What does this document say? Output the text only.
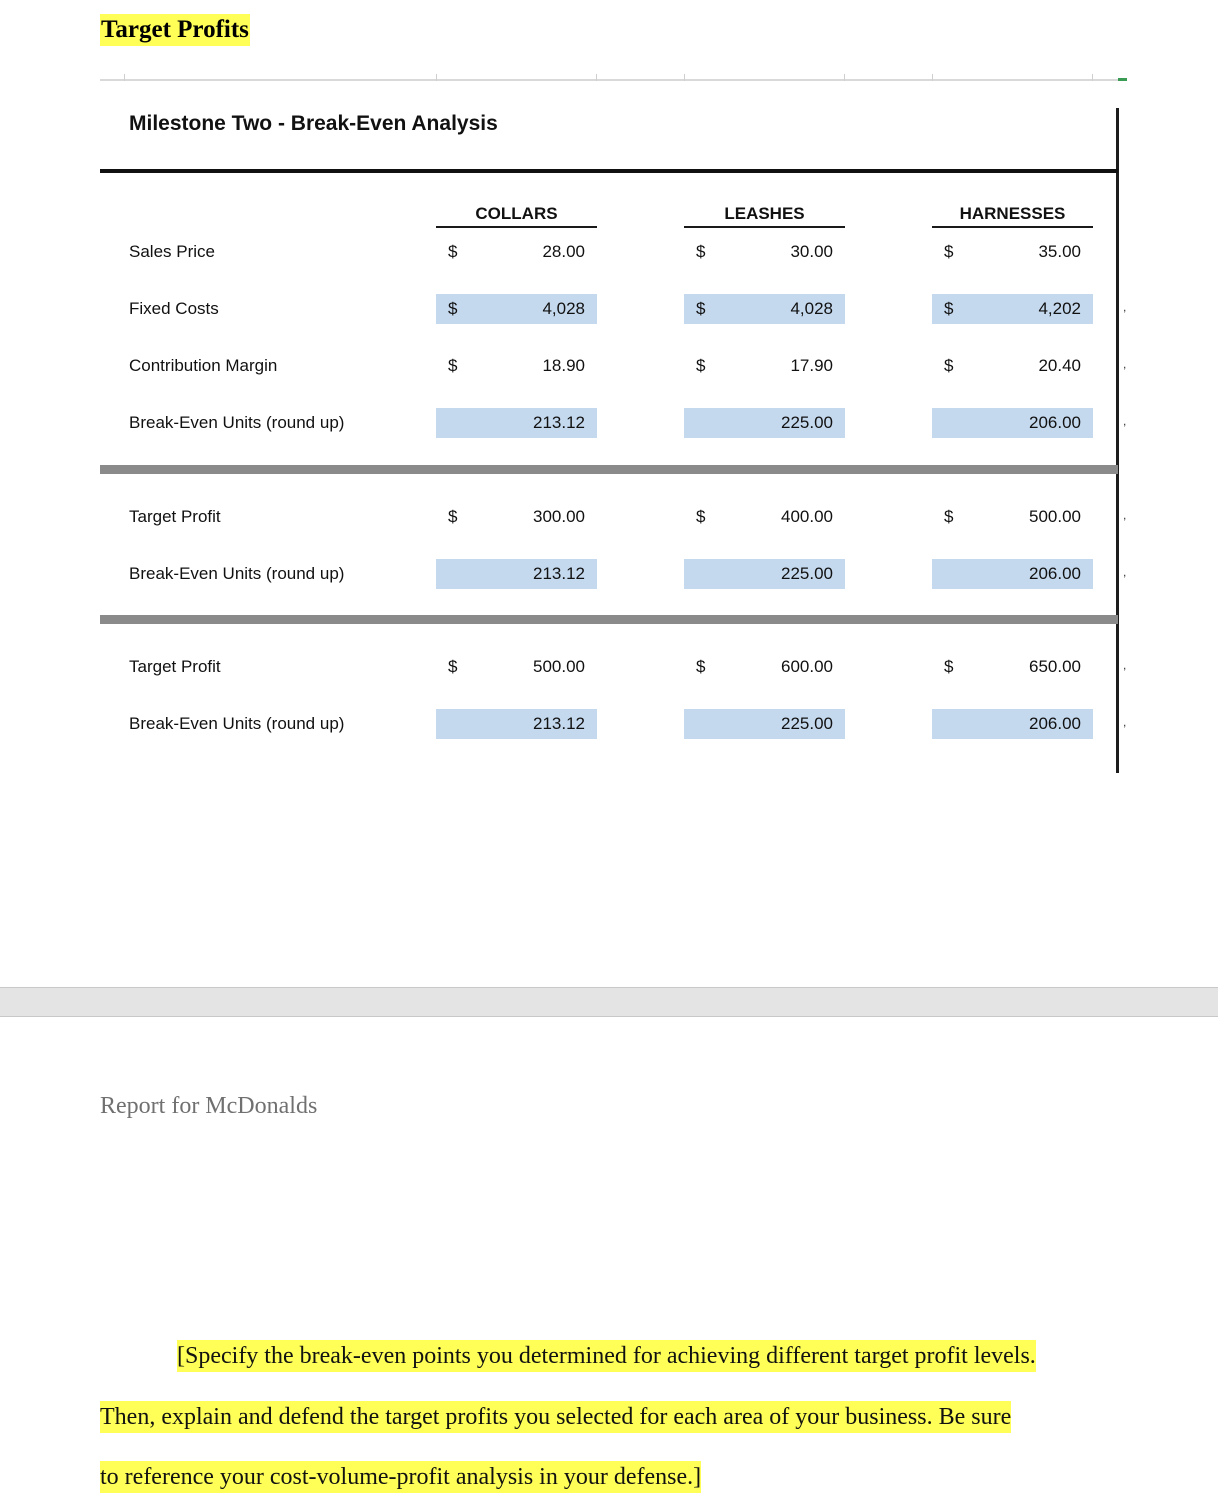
Target Profits
Milestone Two - Break-Even Analysis
COLLARS	LEASHES	HARNESSES
Sales Price	$	28.00	$	30.00	$	35.00
Fixed Costs	$	4,028	$	4,028	$	4,202	,
Contribution Margin	$	18.90	$	17.90	$	20.40	,
Break-Even Units (round up)	213.12	225.00	206.00	,
Target Profit	$	300.00	$	400.00	$	500.00	,
Break-Even Units (round up)	213.12	225.00	206.00	,
Target Profit	$	500.00	$	600.00	$	650.00	,
Break-Even Units (round up)	213.12	225.00	206.00	,
Report for McDonalds
[Specify the break-even points you determined for achieving different target profit levels.
Then, explain and defend the target profits you selected for each area of your business. Be sure
to reference your cost-volume-profit analysis in your defense.]
